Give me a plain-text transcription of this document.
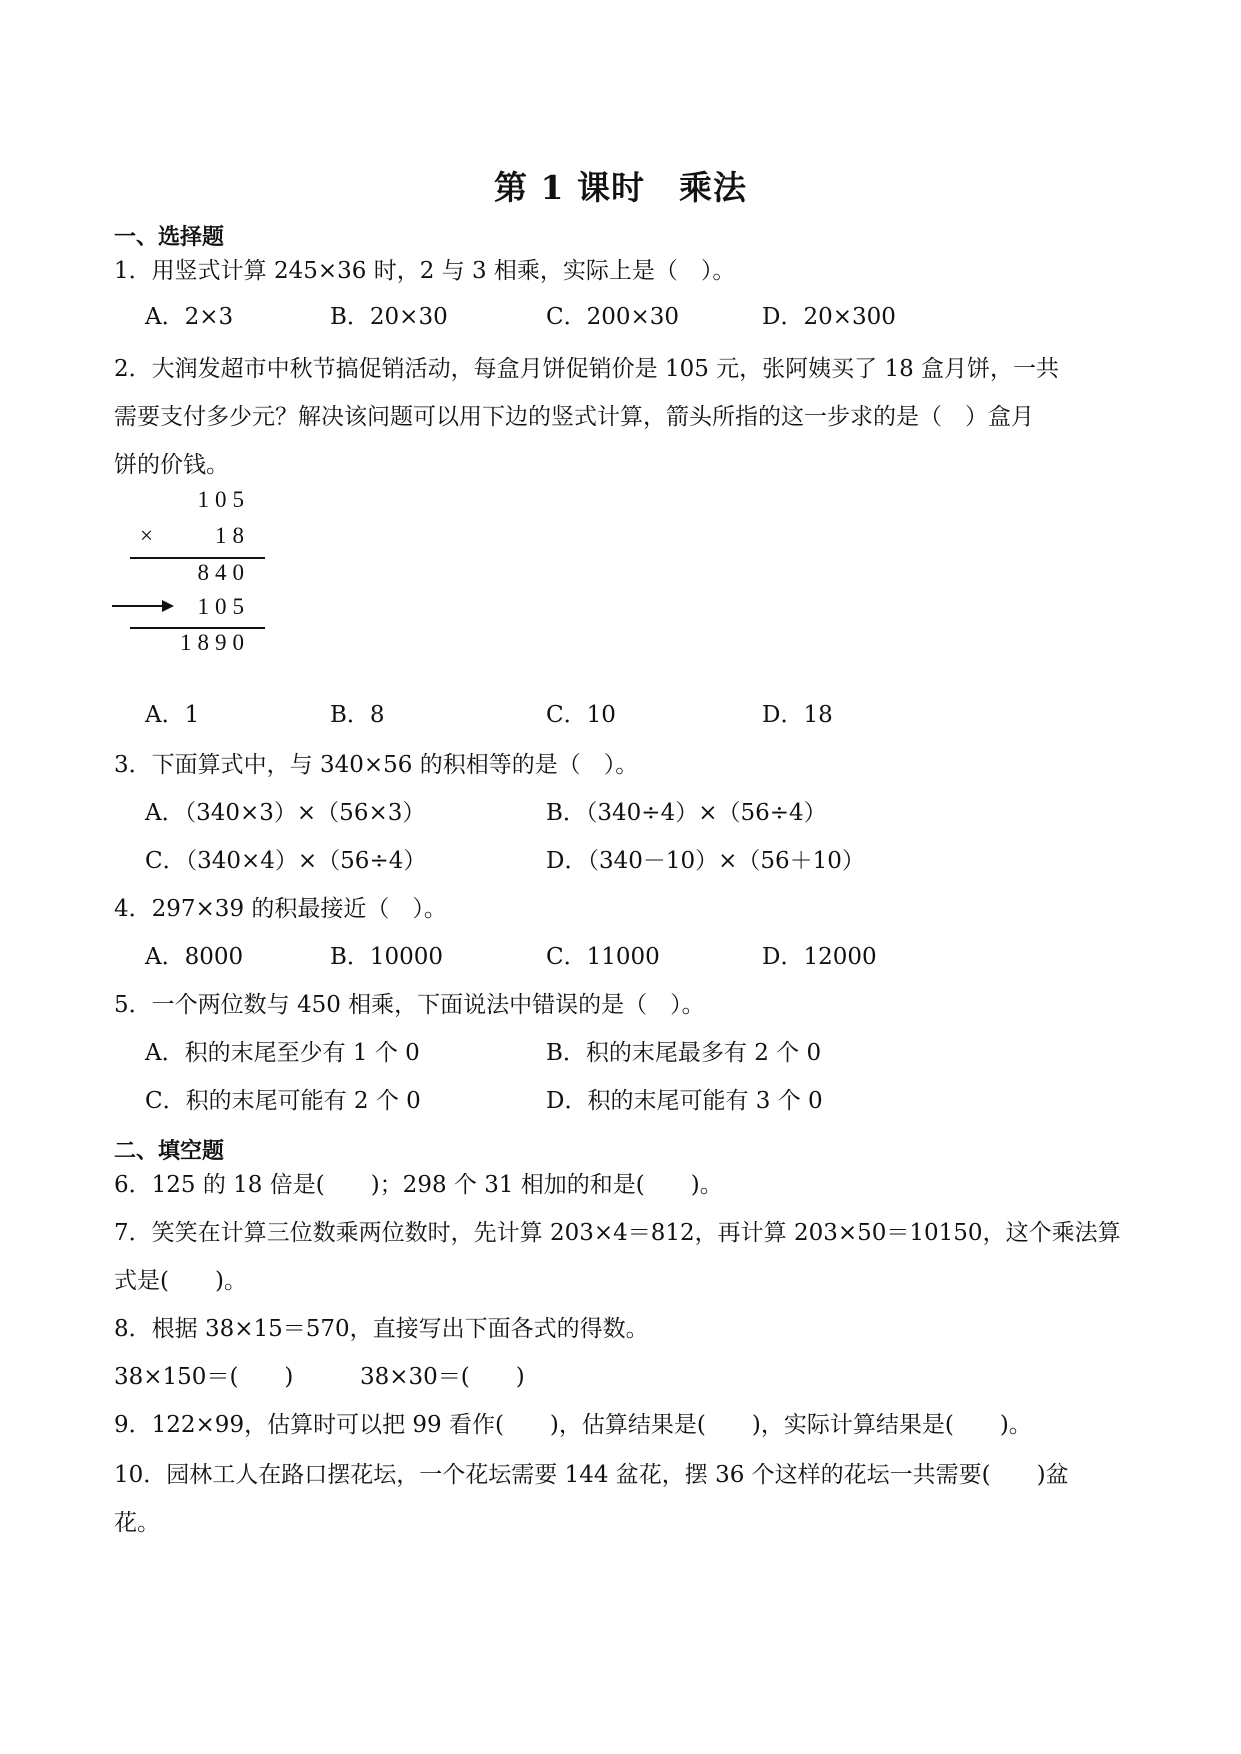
第 1 课时　乘法
一、选择题
1．用竖式计算 245×36 时，2 与 3 相乘，实际上是（　）。
A．2×3	B．20×30	C．200×30	D．20×300
2．大润发超市中秋节搞促销活动，每盒月饼促销价是 105 元，张阿姨买了 18 盒月饼，一共
需要支付多少元？解决该问题可以用下边的竖式计算，箭头所指的这一步求的是（　）盒月
饼的价钱。
105
×	18
840
105
1890
A．1	B．8	C．10	D．18
3．下面算式中，与 340×56 的积相等的是（　）。
A．（340×3）×（56×3）	B．（340÷4）×（56÷4）
C．（340×4）×（56÷4）	D．（340－10）×（56＋10）
4．297×39 的积最接近（　）。
A．8000	B．10000	C．11000	D．12000
5．一个两位数与 450 相乘，下面说法中错误的是（　）。
A．积的末尾至少有 1 个 0	B．积的末尾最多有 2 个 0
C．积的末尾可能有 2 个 0	D．积的末尾可能有 3 个 0
二、填空题
6．125 的 18 倍是(　　)；298 个 31 相加的和是(　　)。
7．笑笑在计算三位数乘两位数时，先计算 203×4＝812，再计算 203×50＝10150，这个乘法算
式是(　　)。
8．根据 38×15＝570，直接写出下面各式的得数。
38×150＝(　　)	38×30＝(　　)
9．122×99，估算时可以把 99 看作(　　)，估算结果是(　　)，实际计算结果是(　　)。
10．园林工人在路口摆花坛，一个花坛需要 144 盆花，摆 36 个这样的花坛一共需要(　　)盆
花。
